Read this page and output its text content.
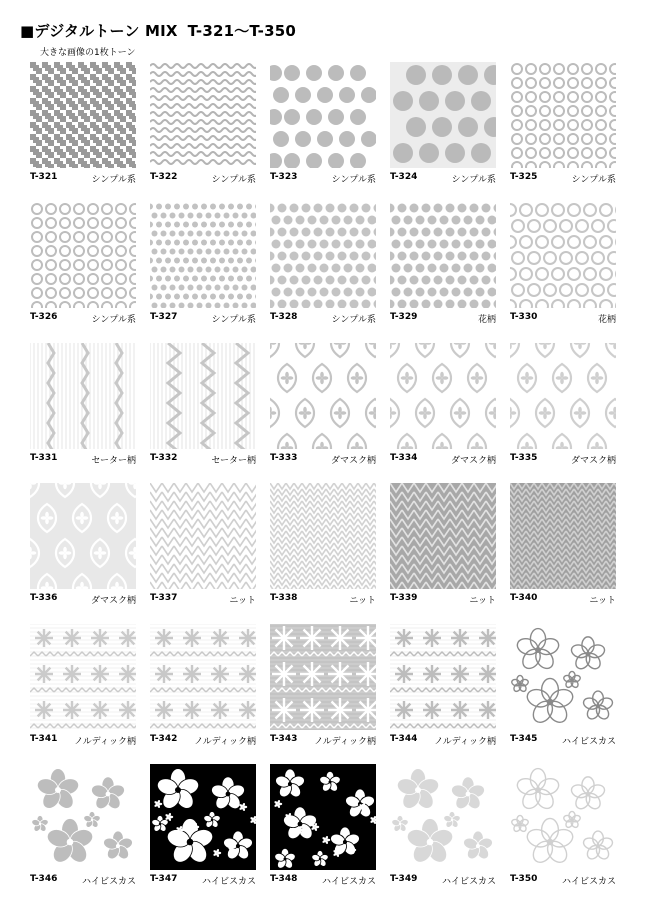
■デジタルトーン MIX T-321〜T-350
大きな画像の1枚トーン
T-321	シンプル系 T-322	シンプル系 T-323	シンプル系 T-324	シンプル系 T-325	シンプル系
T-326	シンプル系 T-327	シンプル系 T-328	シンプル系 T-329	花柄 T-330	花柄
T-331	セーター柄 T-332	セーター柄 T-333	ダマスク柄 T-334	ダマスク柄 T-335	ダマスク柄
T-336	ダマスク柄 T-337	ニット T-338	ニット T-339	ニット T-340	ニット
T-341 ノルディック柄 T-342 ノルディック柄 T-343 ノルディック柄 T-344 ノルディック柄 T-345	ハイビスカス
T-346	ハイビスカス T-347	ハイビスカス T-348	ハイビスカス T-349	ハイビスカス T-350	ハイビスカス
